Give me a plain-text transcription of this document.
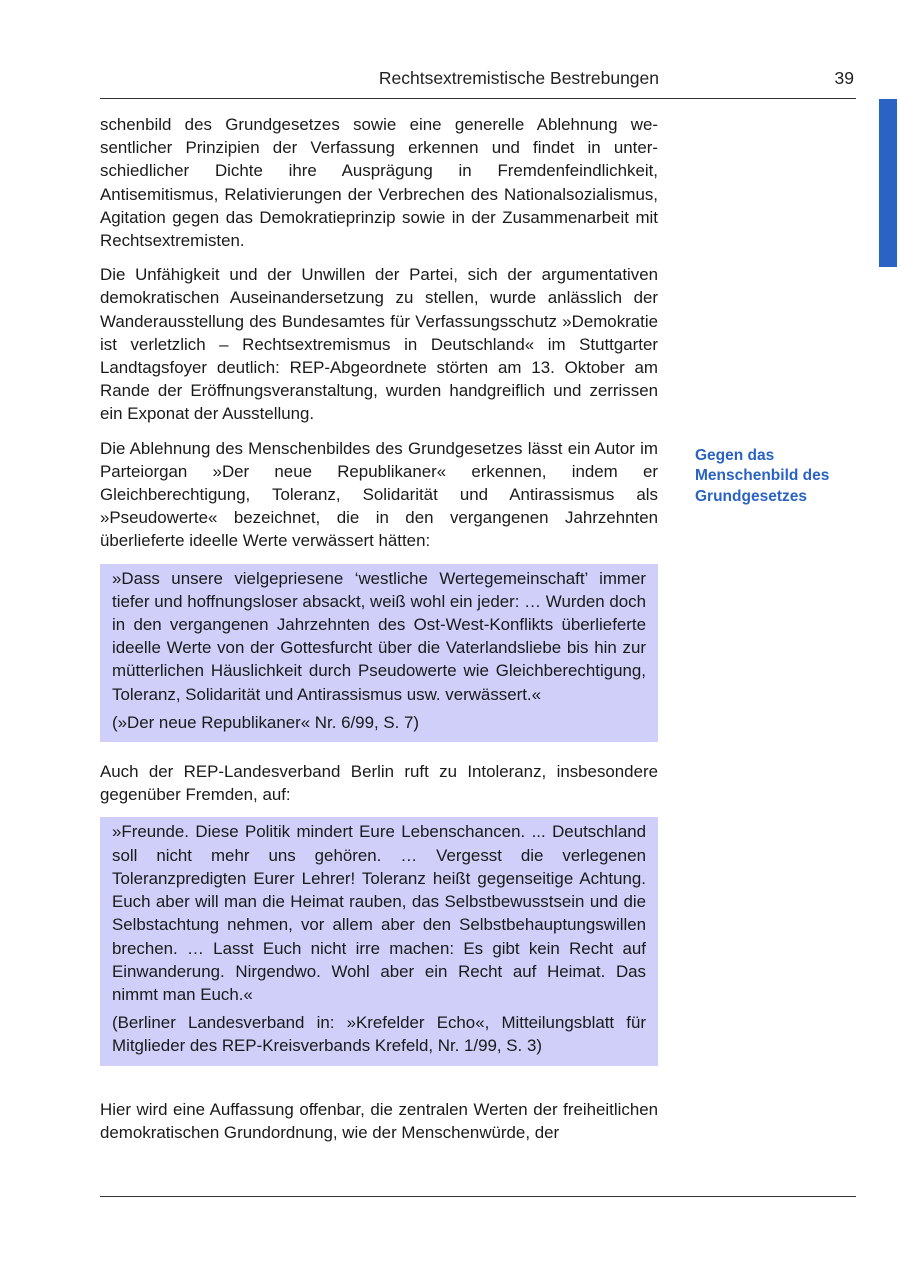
Rechtsextremistische Bestrebungen	39

schenbild des Grundgesetzes sowie eine generelle Ablehnung wesentlicher Prinzipien der Verfassung erkennen und findet in unterschiedlicher Dichte ihre Ausprägung in Fremdenfeindlichkeit, Antisemitismus, Relativierungen der Verbrechen des Nationalsozialismus, Agitation gegen das Demokratieprinzip sowie in der Zusammenarbeit mit Rechtsextremisten.

Die Unfähigkeit und der Unwillen der Partei, sich der argumentativen demokratischen Auseinandersetzung zu stellen, wurde anlässlich der Wanderausstellung des Bundesamtes für Verfassungsschutz »Demokratie ist verletzlich – Rechtsextremismus in Deutschland« im Stuttgarter Landtagsfoyer deutlich: REP-Abgeordnete störten am 13. Oktober am Rande der Eröffnungsveranstaltung, wurden handgreiflich und zerrissen ein Exponat der Ausstellung.

Die Ablehnung des Menschenbildes des Grundgesetzes lässt ein Autor im Parteiorgan »Der neue Republikaner« erkennen, indem er Gleichberechtigung, Toleranz, Solidarität und Antirassismus als »Pseudowerte« bezeichnet, die in den vergangenen Jahrzehnten überlieferte ideelle Werte verwässert hätten:

»Dass unsere vielgepriesene ‘westliche Wertegemeinschaft’ immer tiefer und hoffnungsloser absackt, weiß wohl ein jeder: … Wurden doch in den vergangenen Jahrzehnten des Ost-West-Konflikts überlieferte ideelle Werte von der Gottesfurcht über die Vaterlandsliebe bis hin zur mütterlichen Häuslichkeit durch Pseudowerte wie Gleichberechtigung, Toleranz, Solidarität und Antirassismus usw. verwässert.«

(»Der neue Republikaner« Nr. 6/99, S. 7)

Auch der REP-Landesverband Berlin ruft zu Intoleranz, insbesondere gegenüber Fremden, auf:

»Freunde. Diese Politik mindert Eure Lebenschancen. ... Deutschland soll nicht mehr uns gehören. … Vergesst die verlegenen Toleranzpredigten Eurer Lehrer! Toleranz heißt gegenseitige Achtung. Euch aber will man die Heimat rauben, das Selbstbewusstsein und die Selbstachtung nehmen, vor allem aber den Selbstbehauptungswillen brechen. … Lasst Euch nicht irre machen: Es gibt kein Recht auf Einwanderung. Nirgendwo. Wohl aber ein Recht auf Heimat. Das nimmt man Euch.«

(Berliner Landesverband in: »Krefelder Echo«, Mitteilungsblatt für Mitglieder des REP-Kreisverbands Krefeld, Nr. 1/99, S. 3)

Hier wird eine Auffassung offenbar, die zentralen Werten der freiheitlichen demokratischen Grundordnung, wie der Menschenwürde, der

Gegen das
Menschenbild des
Grundgesetzes
